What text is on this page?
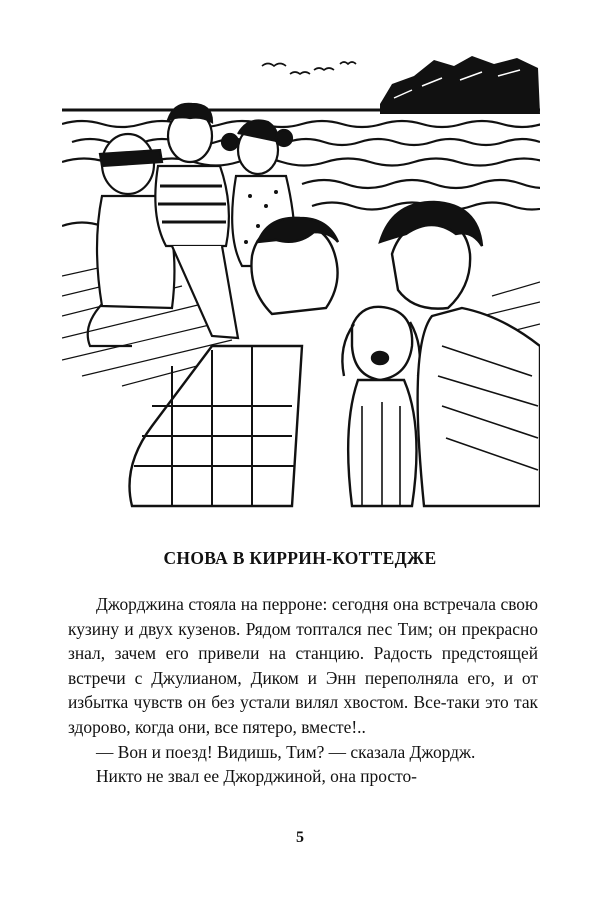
СНОВА В КИРРИН-КОТТЕДЖЕ

Джорджина стояла на перроне: сегодня она встречала свою кузину и двух кузенов. Рядом топтался пес Тим; он прекрасно знал, зачем его привели на станцию. Радость предстоящей встречи с Джулианом, Диком и Энн переполняла его, и от избытка чувств он без устали вилял хвостом. Все-таки это так здорово, когда они, все пятеро, вместе!..

— Вон и поезд! Видишь, Тим? — сказала Джордж.

Никто не звал ее Джорджиной, она просто-

5
